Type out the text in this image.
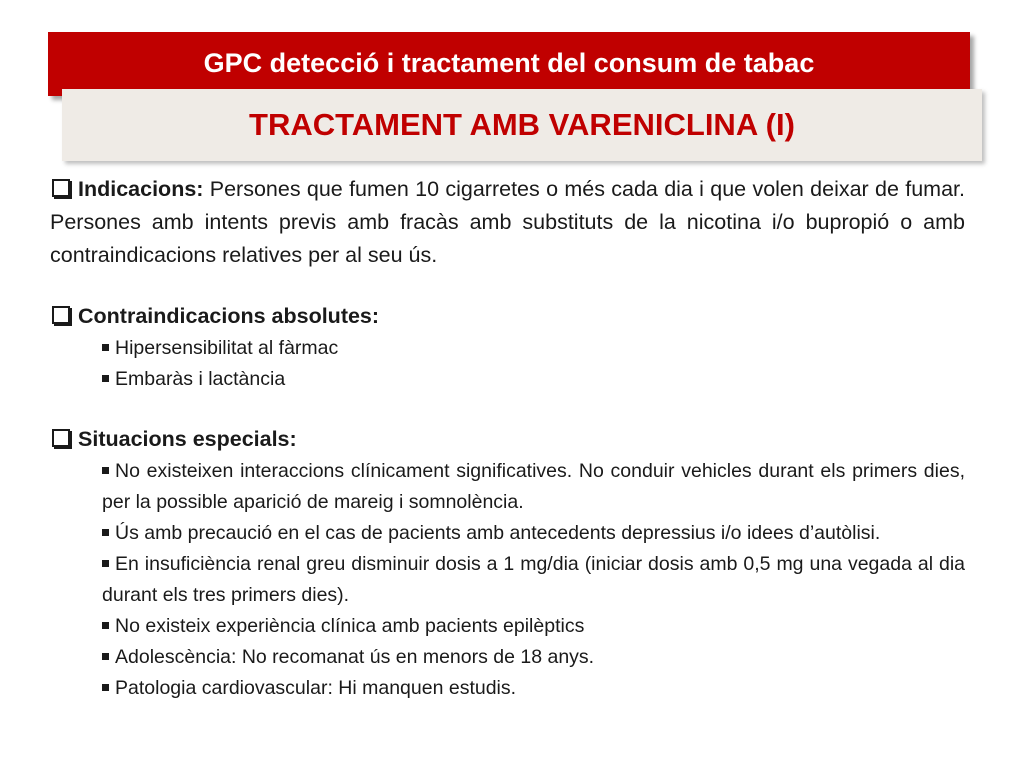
GPC detecció i tractament del consum de tabac
TRACTAMENT AMB VARENICLINA (I)

Indicacions: Persones que fumen 10 cigarretes o més cada dia i que volen deixar de fumar. Persones amb intents previs amb fracàs amb substituts de la nicotina i/o bupropió o amb contraindicacions relatives per al seu ús.

Contraindicacions absolutes:

Hipersensibilitat al fàrmac

Embaràs i lactància

Situacions especials:

No existeixen interaccions clínicament significatives. No conduir vehicles durant els primers dies, per la possible aparició de mareig i somnolència.

Ús amb precaució en el cas de pacients amb antecedents depressius i/o idees d’autòlisi.

En insuficiència renal greu disminuir dosis a 1 mg/dia (iniciar dosis amb 0,5 mg una vegada al dia durant els tres primers dies).

No existeix experiència clínica amb pacients epilèptics

Adolescència: No recomanat ús en menors de 18 anys.

Patologia cardiovascular: Hi manquen estudis.
